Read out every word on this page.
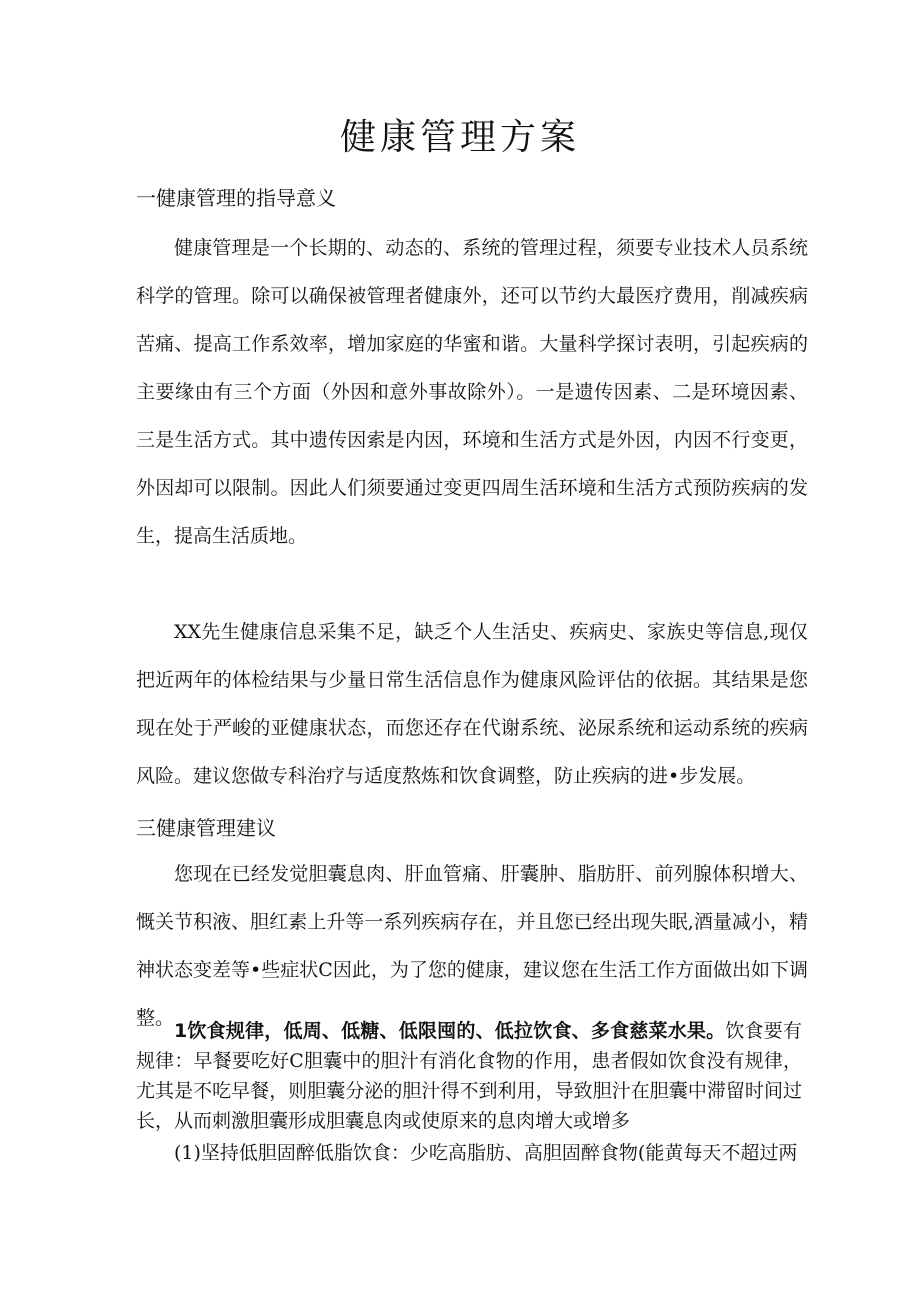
健康管理方案
一健康管理的指导意义
健康管理是一个长期的、动态的、系统的管理过程，须要专业技术人员系统科学的管理。除可以确保被管理者健康外，还可以节约大最医疗费用，削减疾病苦痛、提高工作系效率，增加家庭的华蜜和谐。大量科学探讨表明，引起疾病的主要缘由有三个方面（外因和意外事故除外）。一是遗传因素、二是环境因素、三是生活方式。其中遗传因索是内因，环境和生活方式是外因，内因不行变更，外因却可以限制。因此人们须要通过变更四周生活环境和生活方式预防疾病的发生，提高生活质地。
XX先生健康信息采集不足，缺乏个人生活史、疾病史、家族史等信息,现仅把近两年的体检结果与少量日常生活信息作为健康风险评估的依据。其结果是您现在处于严峻的亚健康状态，而您还存在代谢系统、泌尿系统和运动系统的疾病风险。建议您做专科治疗与适度熬炼和饮食调整，防止疾病的进•步发展。
三健康管理建议
您现在已经发觉胆囊息肉、肝血管痛、肝囊肿、脂肪肝、前列腺体积增大、慨关节积液、胆红素上升等一系列疾病存在，并且您已经出现失眠,酒量减小，精神状态变差等•些症状C因此，为了您的健康，建议您在生活工作方面做出如下调整。
1饮食规律，低周、低糖、低限囤的、低拉饮食、多食慈菜水果。饮食要有规律：早餐要吃好C胆囊中的胆汁有消化食物的作用，患者假如饮食没有规律，尤其是不吃早餐，则胆囊分泌的胆汁得不到利用，导致胆汁在胆囊中滞留时间过长，从而刺激胆囊形成胆囊息肉或使原来的息肉增大或增多
(1)坚持低胆固醉低脂饮食：少吃高脂肪、高胆固醉食物(能黄每天不超过两
